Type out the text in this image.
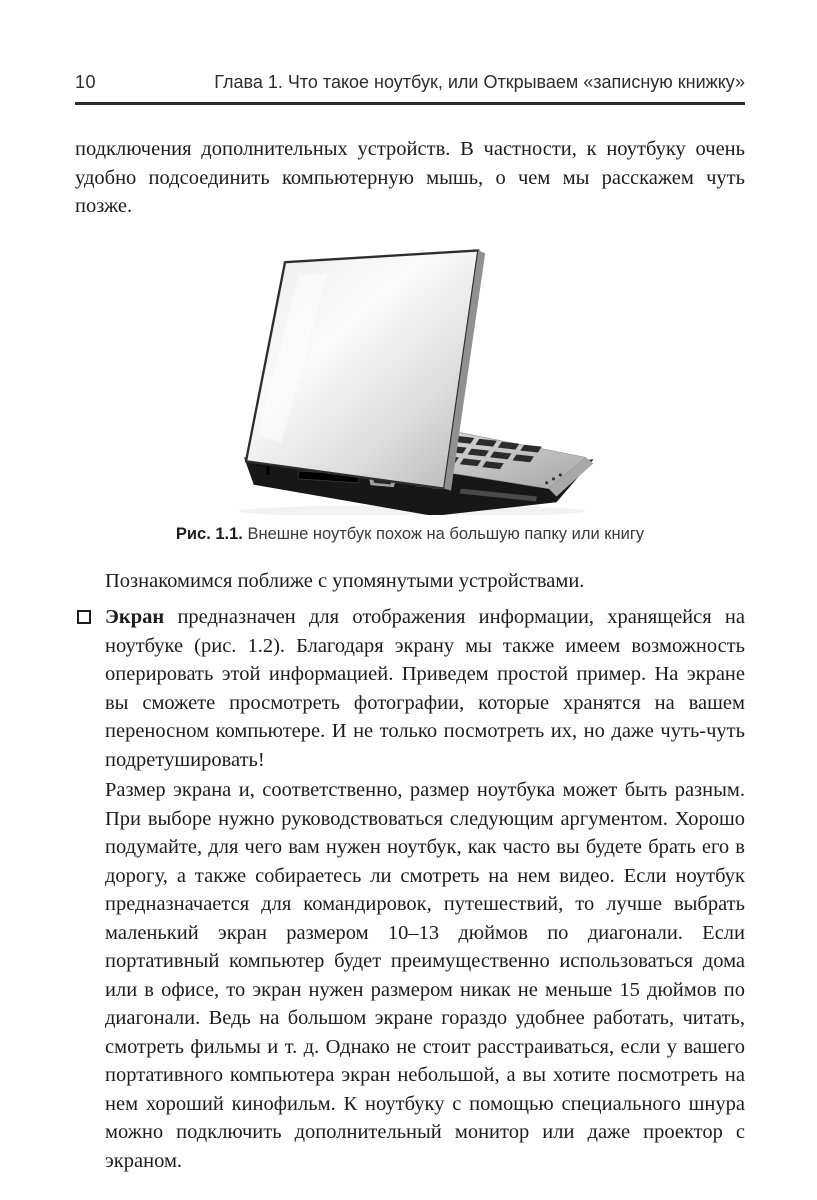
10	Глава 1. Что такое ноутбук, или Открываем «записную книжку»

подключения дополнительных устройств. В частности, к ноутбуку очень удобно подсоединить компьютерную мышь, о чем мы расскажем чуть позже.

Рис. 1.1. Внешне ноутбук похож на большую папку или книгу

Познакомимся поближе с упомянутыми устройствами.

Экран предназначен для отображения информации, хранящейся на ноутбуке (рис. 1.2). Благодаря экрану мы также имеем возможность оперировать этой информацией. Приведем простой пример. На экране вы сможете просмотреть фотографии, которые хранятся на вашем переносном компьютере. И не только посмотреть их, но даже чуть-чуть подретушировать!

Размер экрана и, соответственно, размер ноутбука может быть разным. При выборе нужно руководствоваться следующим аргументом. Хорошо подумайте, для чего вам нужен ноутбук, как часто вы будете брать его в дорогу, а также собираетесь ли смотреть на нем видео. Если ноутбук предназначается для командировок, путешествий, то лучше выбрать маленький экран размером 10–13 дюймов по диагонали. Если портативный компьютер будет преимущественно использоваться дома или в офисе, то экран нужен размером никак не меньше 15 дюймов по диагонали. Ведь на большом экране гораздо удобнее работать, читать, смотреть фильмы и т. д. Однако не стоит расстраиваться, если у вашего портативного компьютера экран небольшой, а вы хотите посмотреть на нем хороший кинофильм. К ноутбуку с помощью специального шнура можно подключить дополнительный монитор или даже проектор с экраном.
